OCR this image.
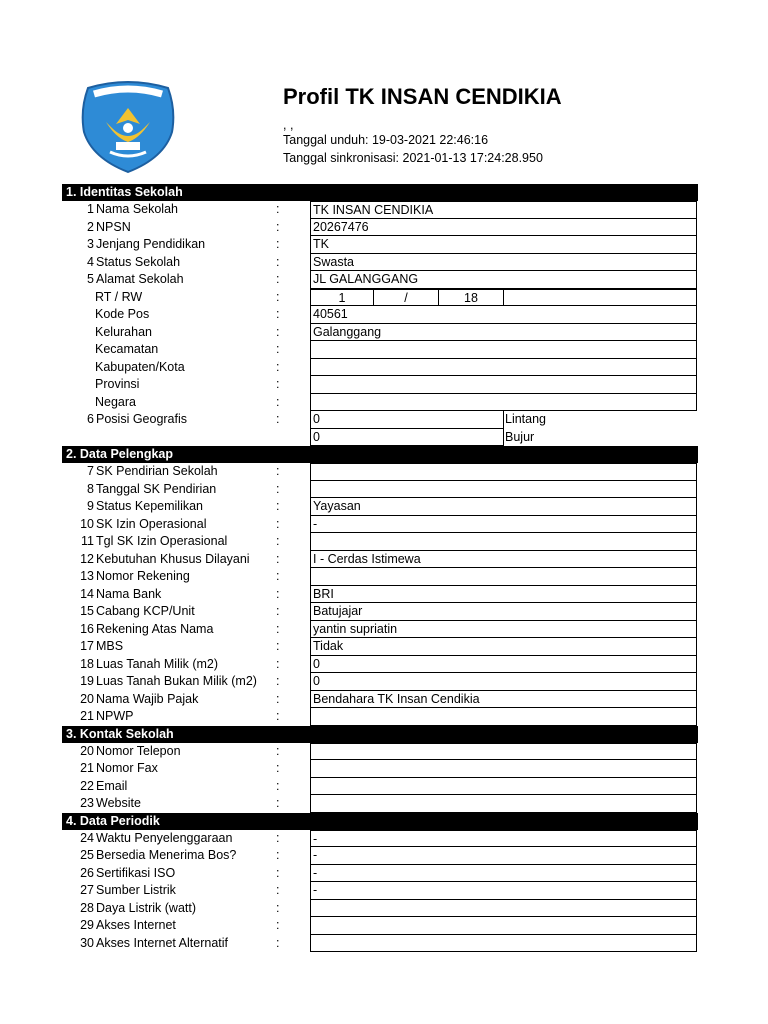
Profil TK INSAN CENDIKIA
, ,
Tanggal unduh: 19-03-2021 22:46:16
Tanggal sinkronisasi: 2021-01-13 17:24:28.950
1. Identitas Sekolah
1 Nama Sekolah	:	TK INSAN CENDIKIA
2 NPSN	:	20267476
3 Jenjang Pendidikan	:	TK
4 Status Sekolah	:	Swasta
5 Alamat Sekolah	:	JL GALANGGANG
RT / RW	:	1	/	18
Kode Pos	:	40561
Kelurahan	:	Galanggang
Kecamatan	:
Kabupaten/Kota	:
Provinsi	:
Negara	:
6 Posisi Geografis	:	0	Lintang
0	Bujur
2. Data Pelengkap
7 SK Pendirian Sekolah	:
8 Tanggal SK Pendirian	:
9 Status Kepemilikan	:	Yayasan
10 SK Izin Operasional	:	-
11 Tgl SK Izin Operasional	:
12 Kebutuhan Khusus Dilayani :	I - Cerdas Istimewa
13 Nomor Rekening	:
14 Nama Bank	:	BRI
15 Cabang KCP/Unit	:	Batujajar
16 Rekening Atas Nama	:	yantin supriatin
17 MBS	:	Tidak
18 Luas Tanah Milik (m2)	:	0
19 Luas Tanah Bukan Milik (m2) :	0
20 Nama Wajib Pajak	:	Bendahara TK Insan Cendikia
21 NPWP	:
3. Kontak Sekolah
20 Nomor Telepon	:
21 Nomor Fax	:
22 Email	:
23 Website	:
4. Data Periodik
24 Waktu Penyelenggaraan	:	-
25 Bersedia Menerima Bos?	:	-
26 Sertifikasi ISO	:	-
27 Sumber Listrik	:	-
28 Daya Listrik (watt)	:
29 Akses Internet	:
30 Akses Internet Alternatif	:
